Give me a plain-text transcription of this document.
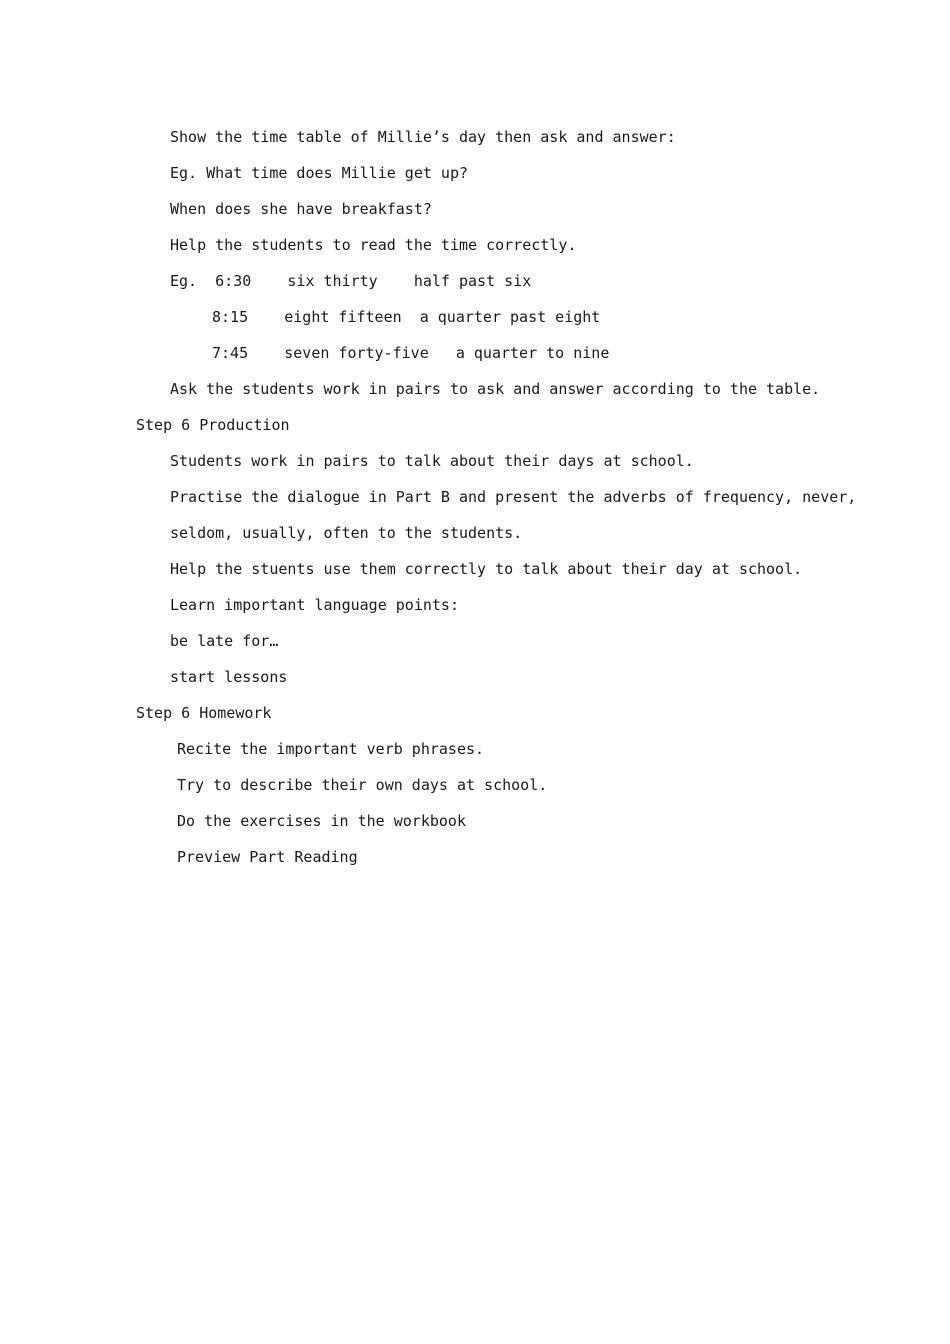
Show the time table of Millie’s day then ask and answer:
Eg. What time does Millie get up?
When does she have breakfast?
Help the students to read the time correctly.
Eg.  6:30    six thirty    half past six
8:15    eight fifteen  a quarter past eight
7:45    seven forty-five   a quarter to nine
Ask the students work in pairs to ask and answer according to the table.
Step 6 Production
Students work in pairs to talk about their days at school.
Practise the dialogue in Part B and present the adverbs of frequency, never,
seldom, usually, often to the students.
Help the stuents use them correctly to talk about their day at school.
Learn important language points:
be late for…
start lessons
Step 6 Homework
Recite the important verb phrases.
Try to describe their own days at school.
Do the exercises in the workbook
Preview Part Reading
